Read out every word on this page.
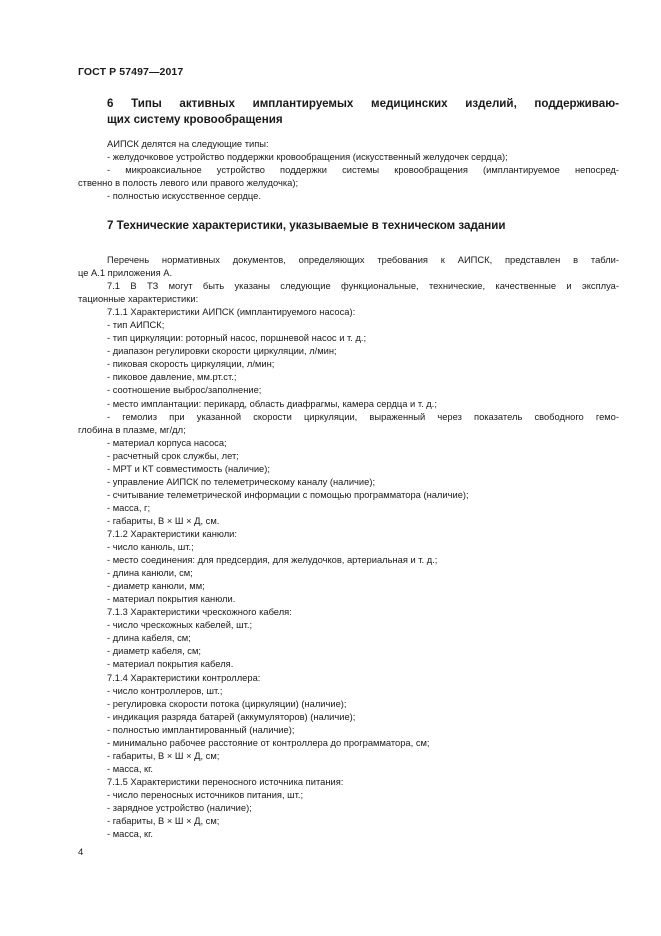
ГОСТ Р 57497—2017
6 Типы активных имплантируемых медицинских изделий, поддерживаю-
щих систему кровообращения
АИПСК делятся на следующие типы:
- желудочковое устройство поддержки кровообращения (искусственный желудочек сердца);
- микроаксиальное устройство поддержки системы кровообращения (имплантируемое непосред-
ственно в полость левого или правого желудочка);
- полностью искусственное сердце.
7 Технические характеристики, указываемые в техническом задании
Перечень нормативных документов, определяющих требования к АИПСК, представлен в табли-
це А.1 приложения А.
7.1 В ТЗ могут быть указаны следующие функциональные, технические, качественные и эксплуа-
тационные характеристики:
7.1.1 Характеристики АИПСК (имплантируемого насоса):
- тип АИПСК;
- тип циркуляции: роторный насос, поршневой насос и т. д.;
- диапазон регулировки скорости циркуляции, л/мин;
- пиковая скорость циркуляции, л/мин;
- пиковое давление, мм.рт.ст.;
- соотношение выброс/заполнение;
- место имплантации: перикард, область диафрагмы, камера сердца и т. д.;
- гемолиз при указанной скорости циркуляции, выраженный через показатель свободного гемо-
глобина в плазме, мг/дл;
- материал корпуса насоса;
- расчетный срок службы, лет;
- МРТ и КТ совместимость (наличие);
- управление АИПСК по телеметрическому каналу (наличие);
- считывание телеметрической информации с помощью программатора (наличие);
- масса, г;
- габариты, В × Ш × Д, см.
7.1.2 Характеристики канюли:
- число канюль, шт.;
- место соединения: для предсердия, для желудочков, артериальная и т. д.;
- длина канюли, см;
- диаметр канюли, мм;
- материал покрытия канюли.
7.1.3 Характеристики чрескожного кабеля:
- число чрескожных кабелей, шт.;
- длина кабеля, см;
- диаметр кабеля, см;
- материал покрытия кабеля.
7.1.4 Характеристики контроллера:
- число контроллеров, шт.;
- регулировка скорости потока (циркуляции) (наличие);
- индикация разряда батарей (аккумуляторов) (наличие);
- полностью имплантированный (наличие);
- минимально рабочее расстояние от контроллера до программатора, см;
- габариты, В × Ш × Д, см;
- масса, кг.
7.1.5 Характеристики переносного источника питания:
- число переносных источников питания, шт.;
- зарядное устройство (наличие);
- габариты, В × Ш × Д, см;
- масса, кг.
4
